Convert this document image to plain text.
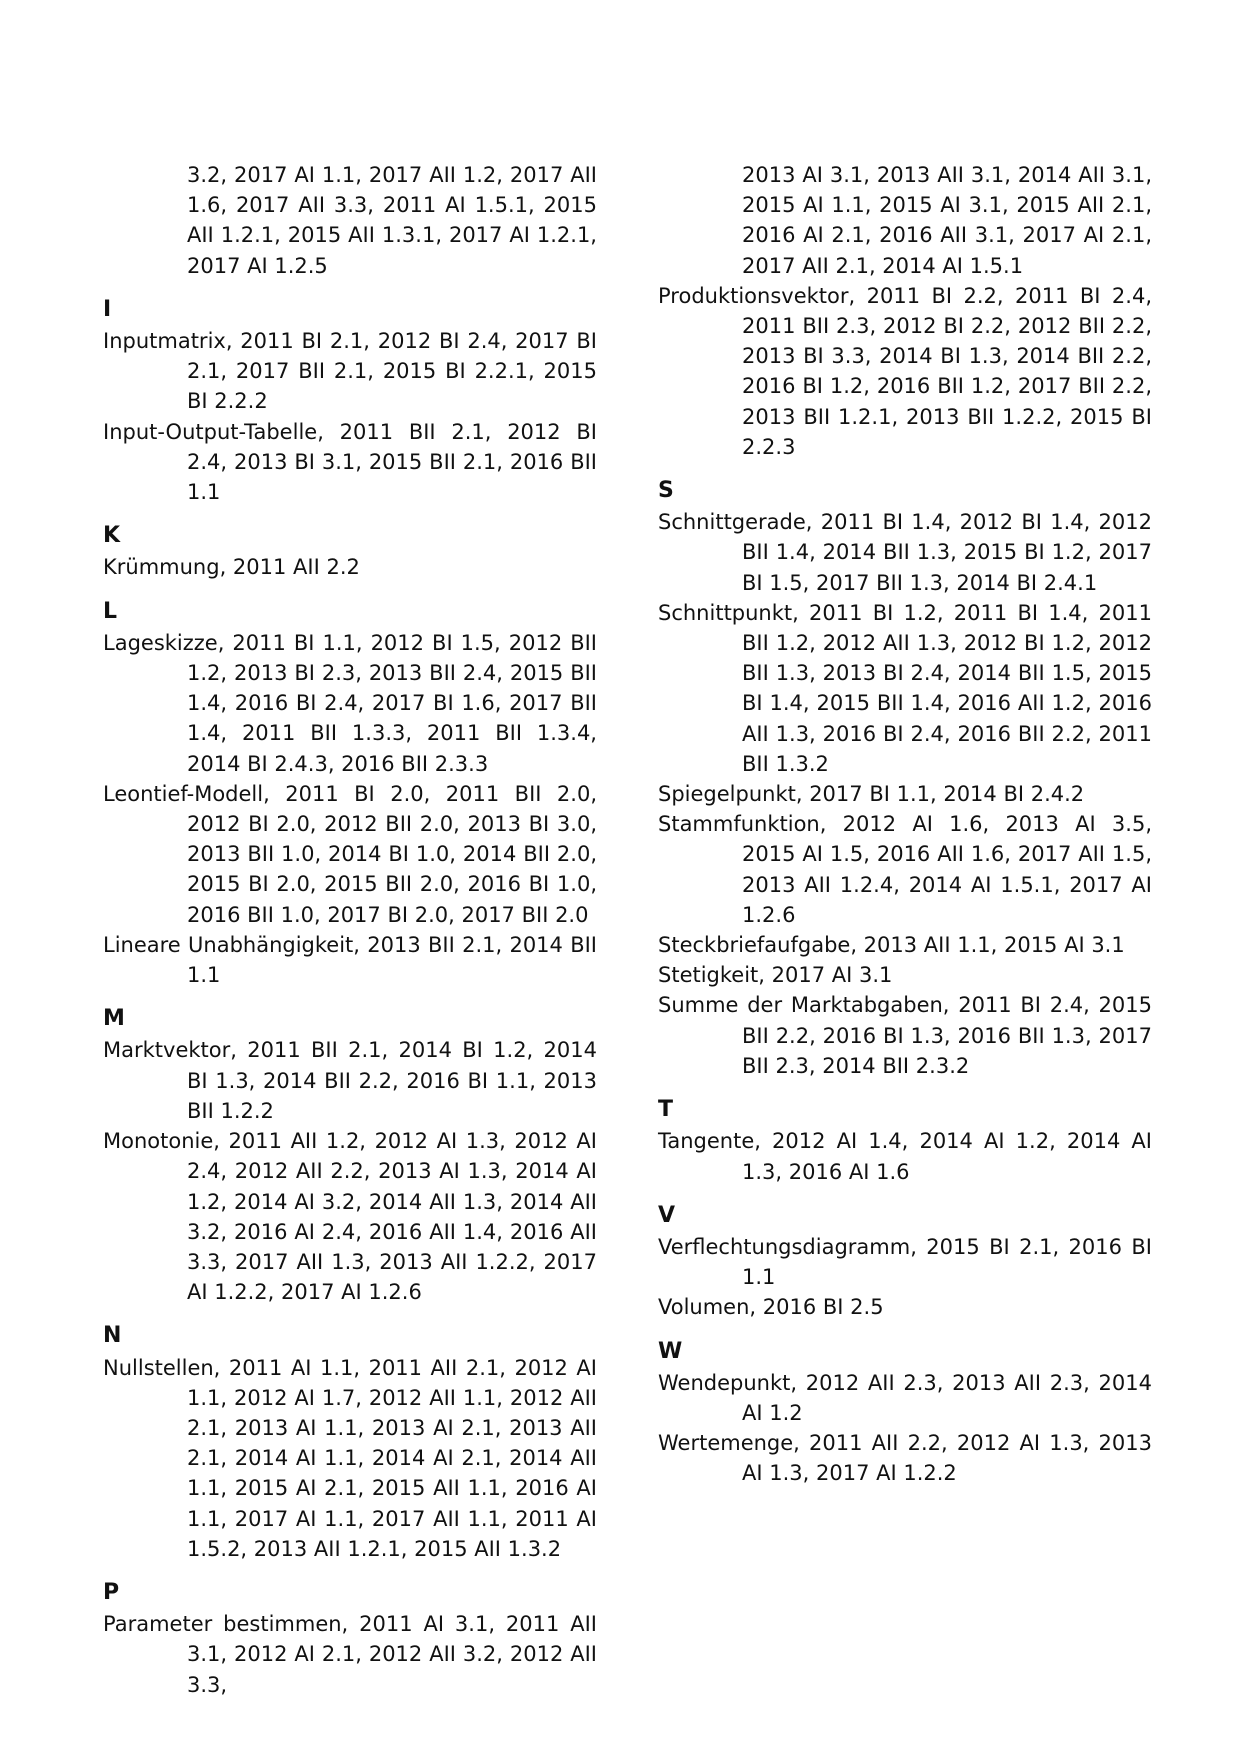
3.2, 2017 AI 1.1, 2017 AII 1.2, 2017 AII 1.6, 2017 AII 3.3, 2011 AI 1.5.1, 2015 AII 1.2.1, 2015 AII 1.3.1, 2017 AI 1.2.1, 2017 AI 1.2.5

I

Inputmatrix, 2011 BI 2.1, 2012 BI 2.4, 2017 BI 2.1, 2017 BII 2.1, 2015 BI 2.2.1, 2015 BI 2.2.2

Input-Output-Tabelle, 2011 BII 2.1, 2012 BI 2.4, 2013 BI 3.1, 2015 BII 2.1, 2016 BII 1.1

K

Krümmung, 2011 AII 2.2

L

Lageskizze, 2011 BI 1.1, 2012 BI 1.5, 2012 BII 1.2, 2013 BI 2.3, 2013 BII 2.4, 2015 BII 1.4, 2016 BI 2.4, 2017 BI 1.6, 2017 BII 1.4, 2011 BII 1.3.3, 2011 BII 1.3.4, 2014 BI 2.4.3, 2016 BII 2.3.3

Leontief-Modell, 2011 BI 2.0, 2011 BII 2.0, 2012 BI 2.0, 2012 BII 2.0, 2013 BI 3.0, 2013 BII 1.0, 2014 BI 1.0, 2014 BII 2.0, 2015 BI 2.0, 2015 BII 2.0, 2016 BI 1.0, 2016 BII 1.0, 2017 BI 2.0, 2017 BII 2.0

Lineare Unabhängigkeit, 2013 BII 2.1, 2014 BII 1.1

M

Marktvektor, 2011 BII 2.1, 2014 BI 1.2, 2014 BI 1.3, 2014 BII 2.2, 2016 BI 1.1, 2013 BII 1.2.2

Monotonie, 2011 AII 1.2, 2012 AI 1.3, 2012 AI 2.4, 2012 AII 2.2, 2013 AI 1.3, 2014 AI 1.2, 2014 AI 3.2, 2014 AII 1.3, 2014 AII 3.2, 2016 AI 2.4, 2016 AII 1.4, 2016 AII 3.3, 2017 AII 1.3, 2013 AII 1.2.2, 2017 AI 1.2.2, 2017 AI 1.2.6

N

Nullstellen, 2011 AI 1.1, 2011 AII 2.1, 2012 AI 1.1, 2012 AI 1.7, 2012 AII 1.1, 2012 AII 2.1, 2013 AI 1.1, 2013 AI 2.1, 2013 AII 2.1, 2014 AI 1.1, 2014 AI 2.1, 2014 AII 1.1, 2015 AI 2.1, 2015 AII 1.1, 2016 AI 1.1, 2017 AI 1.1, 2017 AII 1.1, 2011 AI 1.5.2, 2013 AII 1.2.1, 2015 AII 1.3.2

P

Parameter bestimmen, 2011 AI 3.1, 2011 AII 3.1, 2012 AI 2.1, 2012 AII 3.2, 2012 AII 3.3,

2013 AI 3.1, 2013 AII 3.1, 2014 AII 3.1, 2015 AI 1.1, 2015 AI 3.1, 2015 AII 2.1, 2016 AI 2.1, 2016 AII 3.1, 2017 AI 2.1, 2017 AII 2.1, 2014 AI 1.5.1

Produktionsvektor, 2011 BI 2.2, 2011 BI 2.4, 2011 BII 2.3, 2012 BI 2.2, 2012 BII 2.2, 2013 BI 3.3, 2014 BI 1.3, 2014 BII 2.2, 2016 BI 1.2, 2016 BII 1.2, 2017 BII 2.2, 2013 BII 1.2.1, 2013 BII 1.2.2, 2015 BI 2.2.3

S

Schnittgerade, 2011 BI 1.4, 2012 BI 1.4, 2012 BII 1.4, 2014 BII 1.3, 2015 BI 1.2, 2017 BI 1.5, 2017 BII 1.3, 2014 BI 2.4.1

Schnittpunkt, 2011 BI 1.2, 2011 BI 1.4, 2011 BII 1.2, 2012 AII 1.3, 2012 BI 1.2, 2012 BII 1.3, 2013 BI 2.4, 2014 BII 1.5, 2015 BI 1.4, 2015 BII 1.4, 2016 AII 1.2, 2016 AII 1.3, 2016 BI 2.4, 2016 BII 2.2, 2011 BII 1.3.2

Spiegelpunkt, 2017 BI 1.1, 2014 BI 2.4.2

Stammfunktion, 2012 AI 1.6, 2013 AI 3.5, 2015 AI 1.5, 2016 AII 1.6, 2017 AII 1.5, 2013 AII 1.2.4, 2014 AI 1.5.1, 2017 AI 1.2.6

Steckbriefaufgabe, 2013 AII 1.1, 2015 AI 3.1

Stetigkeit, 2017 AI 3.1

Summe der Marktabgaben, 2011 BI 2.4, 2015 BII 2.2, 2016 BI 1.3, 2016 BII 1.3, 2017 BII 2.3, 2014 BII 2.3.2

T

Tangente, 2012 AI 1.4, 2014 AI 1.2, 2014 AI 1.3, 2016 AI 1.6

V

Verflechtungsdiagramm, 2015 BI 2.1, 2016 BI 1.1

Volumen, 2016 BI 2.5

W

Wendepunkt, 2012 AII 2.3, 2013 AII 2.3, 2014 AI 1.2

Wertemenge, 2011 AII 2.2, 2012 AI 1.3, 2013 AI 1.3, 2017 AI 1.2.2
